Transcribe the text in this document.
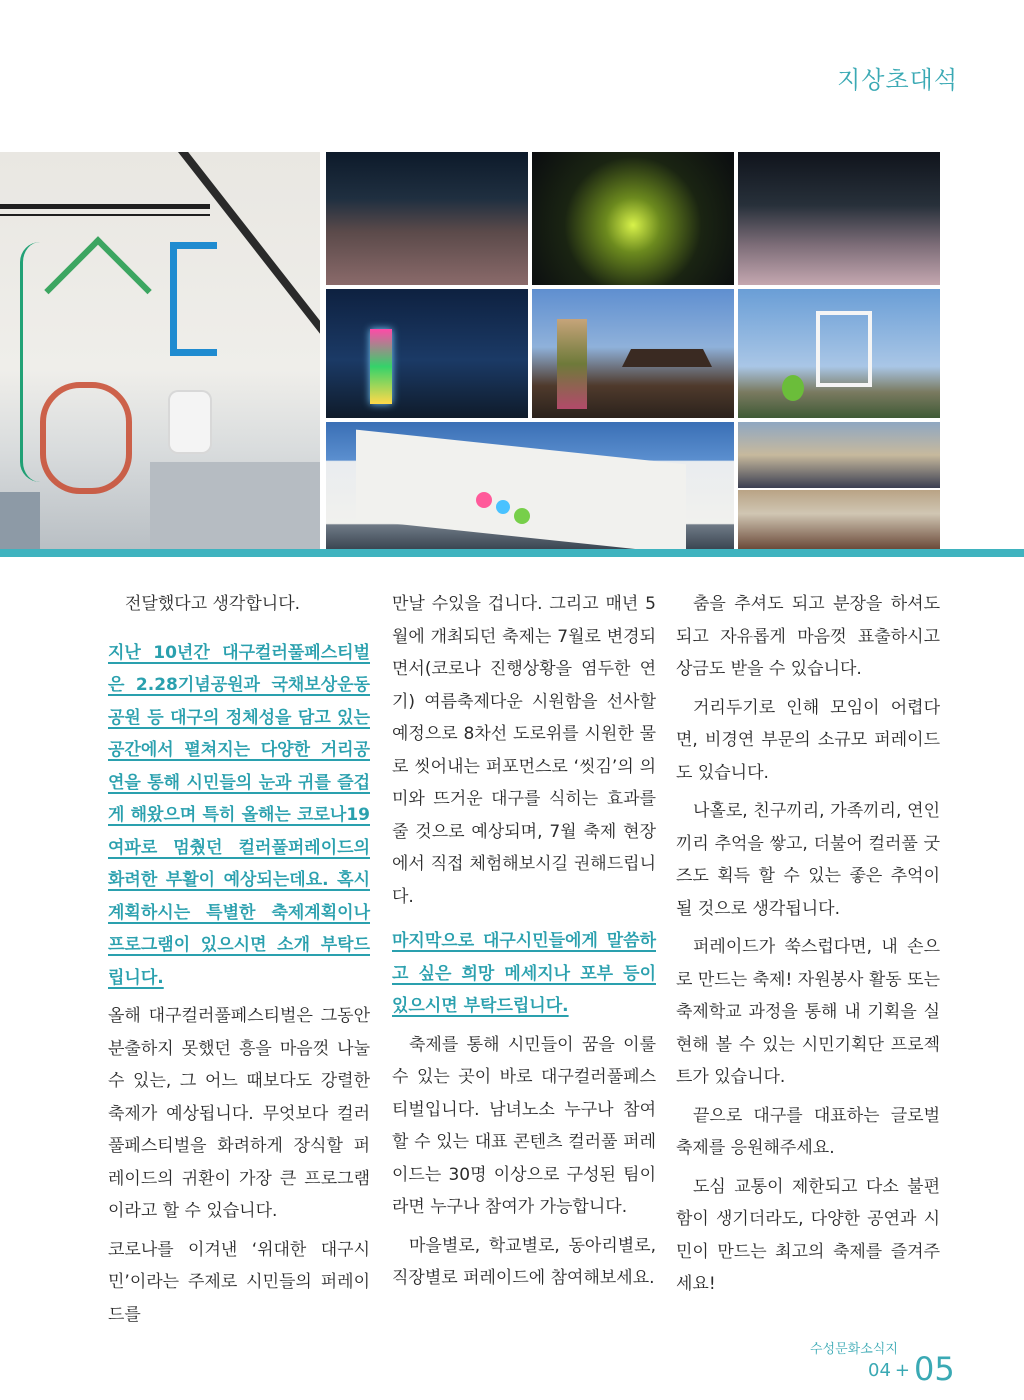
지상초대석

전달했다고 생각합니다.

지난 10년간 대구컬러풀페스티벌은 2.28기념공원과 국채보상운동공원 등 대구의 정체성을 담고 있는 공간에서 펼쳐지는 다양한 거리공연을 통해 시민들의 눈과 귀를 즐겁게 해왔으며 특히 올해는 코로나19 여파로 멈췄던 컬러풀퍼레이드의 화려한 부활이 예상되는데요. 혹시 계획하시는 특별한 축제계획이나 프로그램이 있으시면 소개 부탁드립니다.

올해 대구컬러풀페스티벌은 그동안 분출하지 못했던 흥을 마음껏 나눌 수 있는, 그 어느 때보다도 강렬한 축제가 예상됩니다. 무엇보다 컬러풀페스티벌을 화려하게 장식할 퍼레이드의 귀환이 가장 큰 프로그램이라고 할 수 있습니다.

코로나를 이겨낸 ‘위대한 대구시민’이라는 주제로 시민들의 퍼레이드를

만날 수있을 겁니다. 그리고 매년 5월에 개최되던 축제는 7월로 변경되면서(코로나 진행상황을 염두한 연기) 여름축제다운 시원함을 선사할 예정으로 8차선 도로위를 시원한 물로 씻어내는 퍼포먼스로 ‘씻김’의 의미와 뜨거운 대구를 식히는 효과를 줄 것으로 예상되며, 7월 축제 현장에서 직접 체험해보시길 권해드립니다.

마지막으로 대구시민들에게 말씀하고 싶은 희망 메세지나 포부 등이 있으시면 부탁드립니다.

축제를 통해 시민들이 꿈을 이룰 수 있는 곳이 바로 대구컬러풀페스티벌입니다. 남녀노소 누구나 참여할 수 있는 대표 콘텐츠 컬러풀 퍼레이드는 30명 이상으로 구성된 팀이라면 누구나 참여가 가능합니다.

마을별로, 학교별로, 동아리별로, 직장별로 퍼레이드에 참여해보세요.

춤을 추셔도 되고 분장을 하셔도 되고 자유롭게 마음껏 표출하시고 상금도 받을 수 있습니다.

거리두기로 인해 모임이 어렵다면, 비경연 부문의 소규모 퍼레이드도 있습니다.

나홀로, 친구끼리, 가족끼리, 연인끼리 추억을 쌓고, 더불어 컬러풀 굿즈도 획득 할 수 있는 좋은 추억이 될 것으로 생각됩니다.

퍼레이드가 쑥스럽다면, 내 손으로 만드는 축제! 자원봉사 활동 또는 축제학교 과정을 통해 내 기획을 실현해 볼 수 있는 시민기획단 프로젝트가 있습니다.

끝으로 대구를 대표하는 글로벌 축제를 응원해주세요.

도심 교통이 제한되고 다소 불편함이 생기더라도, 다양한 공연과 시민이 만드는 최고의 축제를 즐겨주세요!

수성문화소식지
04 + 05
